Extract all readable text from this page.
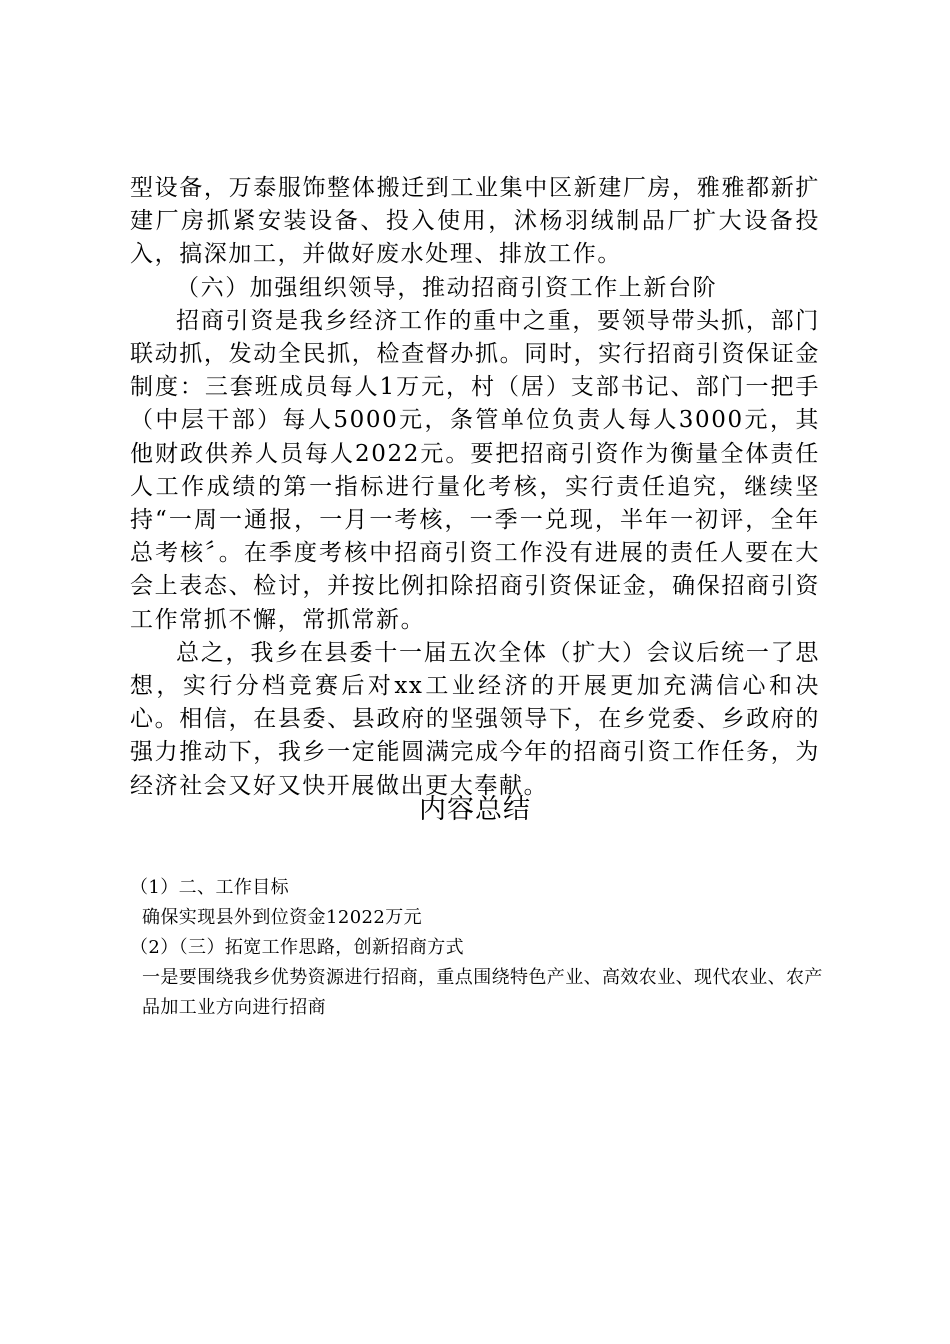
型设备，万泰服饰整体搬迁到工业集中区新建厂房，雅雅都新扩建厂房抓紧安装设备、投入使用，沭杨羽绒制品厂扩大设备投入，搞深加工，并做好废水处理、排放工作。

（六）加强组织领导，推动招商引资工作上新台阶

招商引资是我乡经济工作的重中之重，要领导带头抓，部门联动抓，发动全民抓，检查督办抓。同时，实行招商引资保证金制度：三套班成员每人1万元，村（居）支部书记、部门一把手（中层干部）每人5000元，条管单位负责人每人3000元，其他财政供养人员每人2022元。要把招商引资作为衡量全体责任人工作成绩的第一指标进行量化考核，实行责任追究，继续坚持“一周一通报，一月一考核，一季一兑现，半年一初评，全年总考核〞。在季度考核中招商引资工作没有进展的责任人要在大会上表态、检讨，并按比例扣除招商引资保证金，确保招商引资工作常抓不懈，常抓常新。

总之，我乡在县委十一届五次全体（扩大）会议后统一了思想，实行分档竞赛后对xx工业经济的开展更加充满信心和决心。相信，在县委、县政府的坚强领导下，在乡党委、乡政府的强力推动下，我乡一定能圆满完成今年的招商引资工作任务，为经济社会又好又快开展做出更大奉献。

内容总结

（1）二、工作目标

确保实现县外到位资金12022万元

（2）（三）拓宽工作思路，创新招商方式

一是要围绕我乡优势资源进行招商，重点围绕特色产业、高效农业、现代农业、农产品加工业方向进行招商
